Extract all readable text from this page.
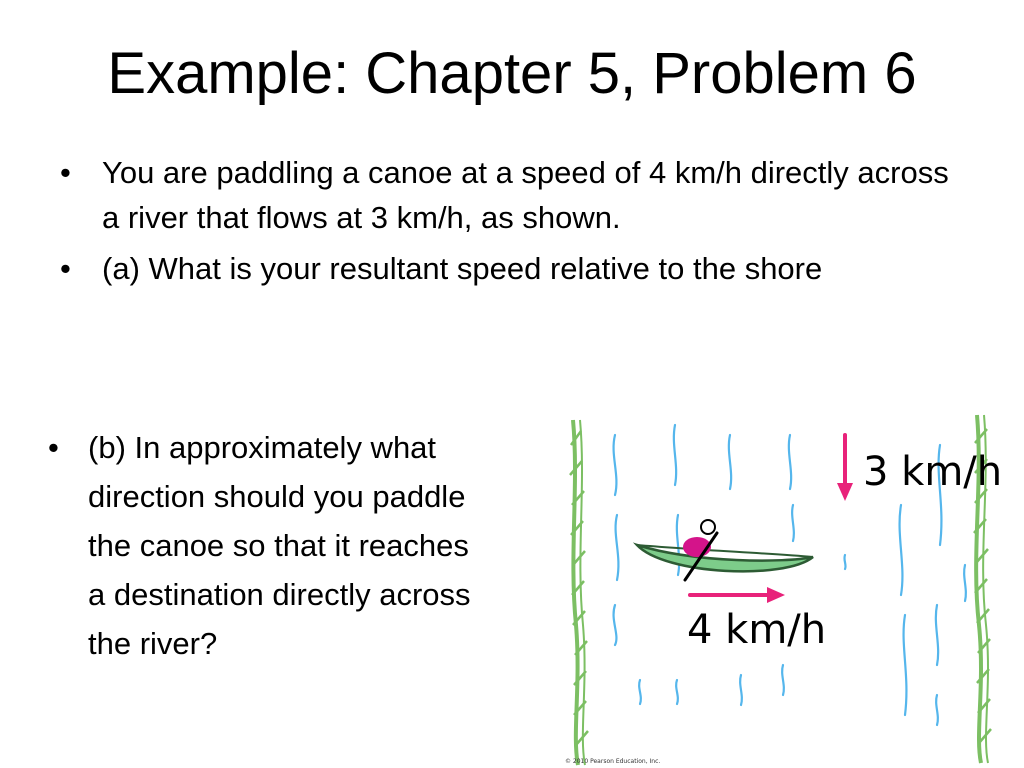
Example: Chapter 5, Problem 6
• You are paddling a canoe at a speed of 4 km/h directly across a river that flows at 3 km/h, as shown.
• (a) What is your resultant speed relative to the shore
• (b) In approximately what direction should you paddle the canoe so that it reaches a destination directly across the river?
3 km/h
4 km/h
© 2010 Pearson Education, Inc.
